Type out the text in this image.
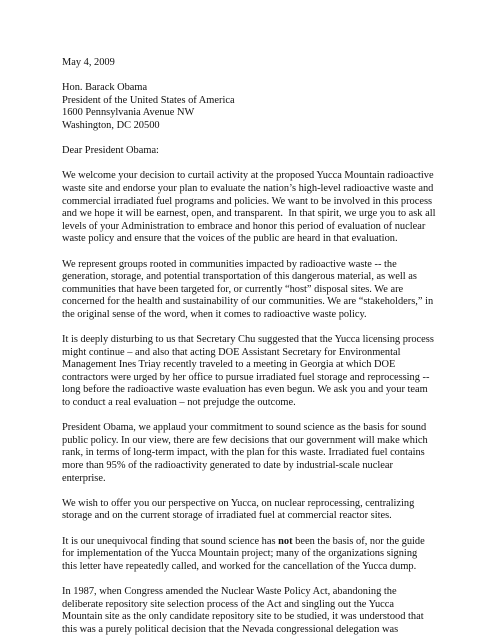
May 4, 2009
Hon. Barack Obama
President of the United States of America
1600 Pennsylvania Avenue NW
Washington, DC 20500
Dear President Obama:
We welcome your decision to curtail activity at the proposed Yucca Mountain radioactive
waste site and endorse your plan to evaluate the nation’s high-level radioactive waste and
commercial irradiated fuel programs and policies. We want to be involved in this process
and we hope it will be earnest, open, and transparent.  In that spirit, we urge you to ask all
levels of your Administration to embrace and honor this period of evaluation of nuclear
waste policy and ensure that the voices of the public are heard in that evaluation.
We represent groups rooted in communities impacted by radioactive waste -- the
generation, storage, and potential transportation of this dangerous material, as well as
communities that have been targeted for, or currently “host” disposal sites. We are
concerned for the health and sustainability of our communities. We are “stakeholders,” in
the original sense of the word, when it comes to radioactive waste policy.
It is deeply disturbing to us that Secretary Chu suggested that the Yucca licensing process
might continue – and also that acting DOE Assistant Secretary for Environmental
Management Ines Triay recently traveled to a meeting in Georgia at which DOE
contractors were urged by her office to pursue irradiated fuel storage and reprocessing --
long before the radioactive waste evaluation has even begun. We ask you and your team
to conduct a real evaluation – not prejudge the outcome.
President Obama, we applaud your commitment to sound science as the basis for sound
public policy. In our view, there are few decisions that our government will make which
rank, in terms of long-term impact, with the plan for this waste. Irradiated fuel contains
more than 95% of the radioactivity generated to date by industrial-scale nuclear
enterprise.
We wish to offer you our perspective on Yucca, on nuclear reprocessing, centralizing
storage and on the current storage of irradiated fuel at commercial reactor sites.
It is our unequivocal finding that sound science has not been the basis of, nor the guide
for implementation of the Yucca Mountain project; many of the organizations signing
this letter have repeatedly called, and worked for the cancellation of the Yucca dump.
In 1987, when Congress amended the Nuclear Waste Policy Act, abandoning the
deliberate repository site selection process of the Act and singling out the Yucca
Mountain site as the only candidate repository site to be studied, it was understood that
this was a purely political decision that the Nevada congressional delegation was
